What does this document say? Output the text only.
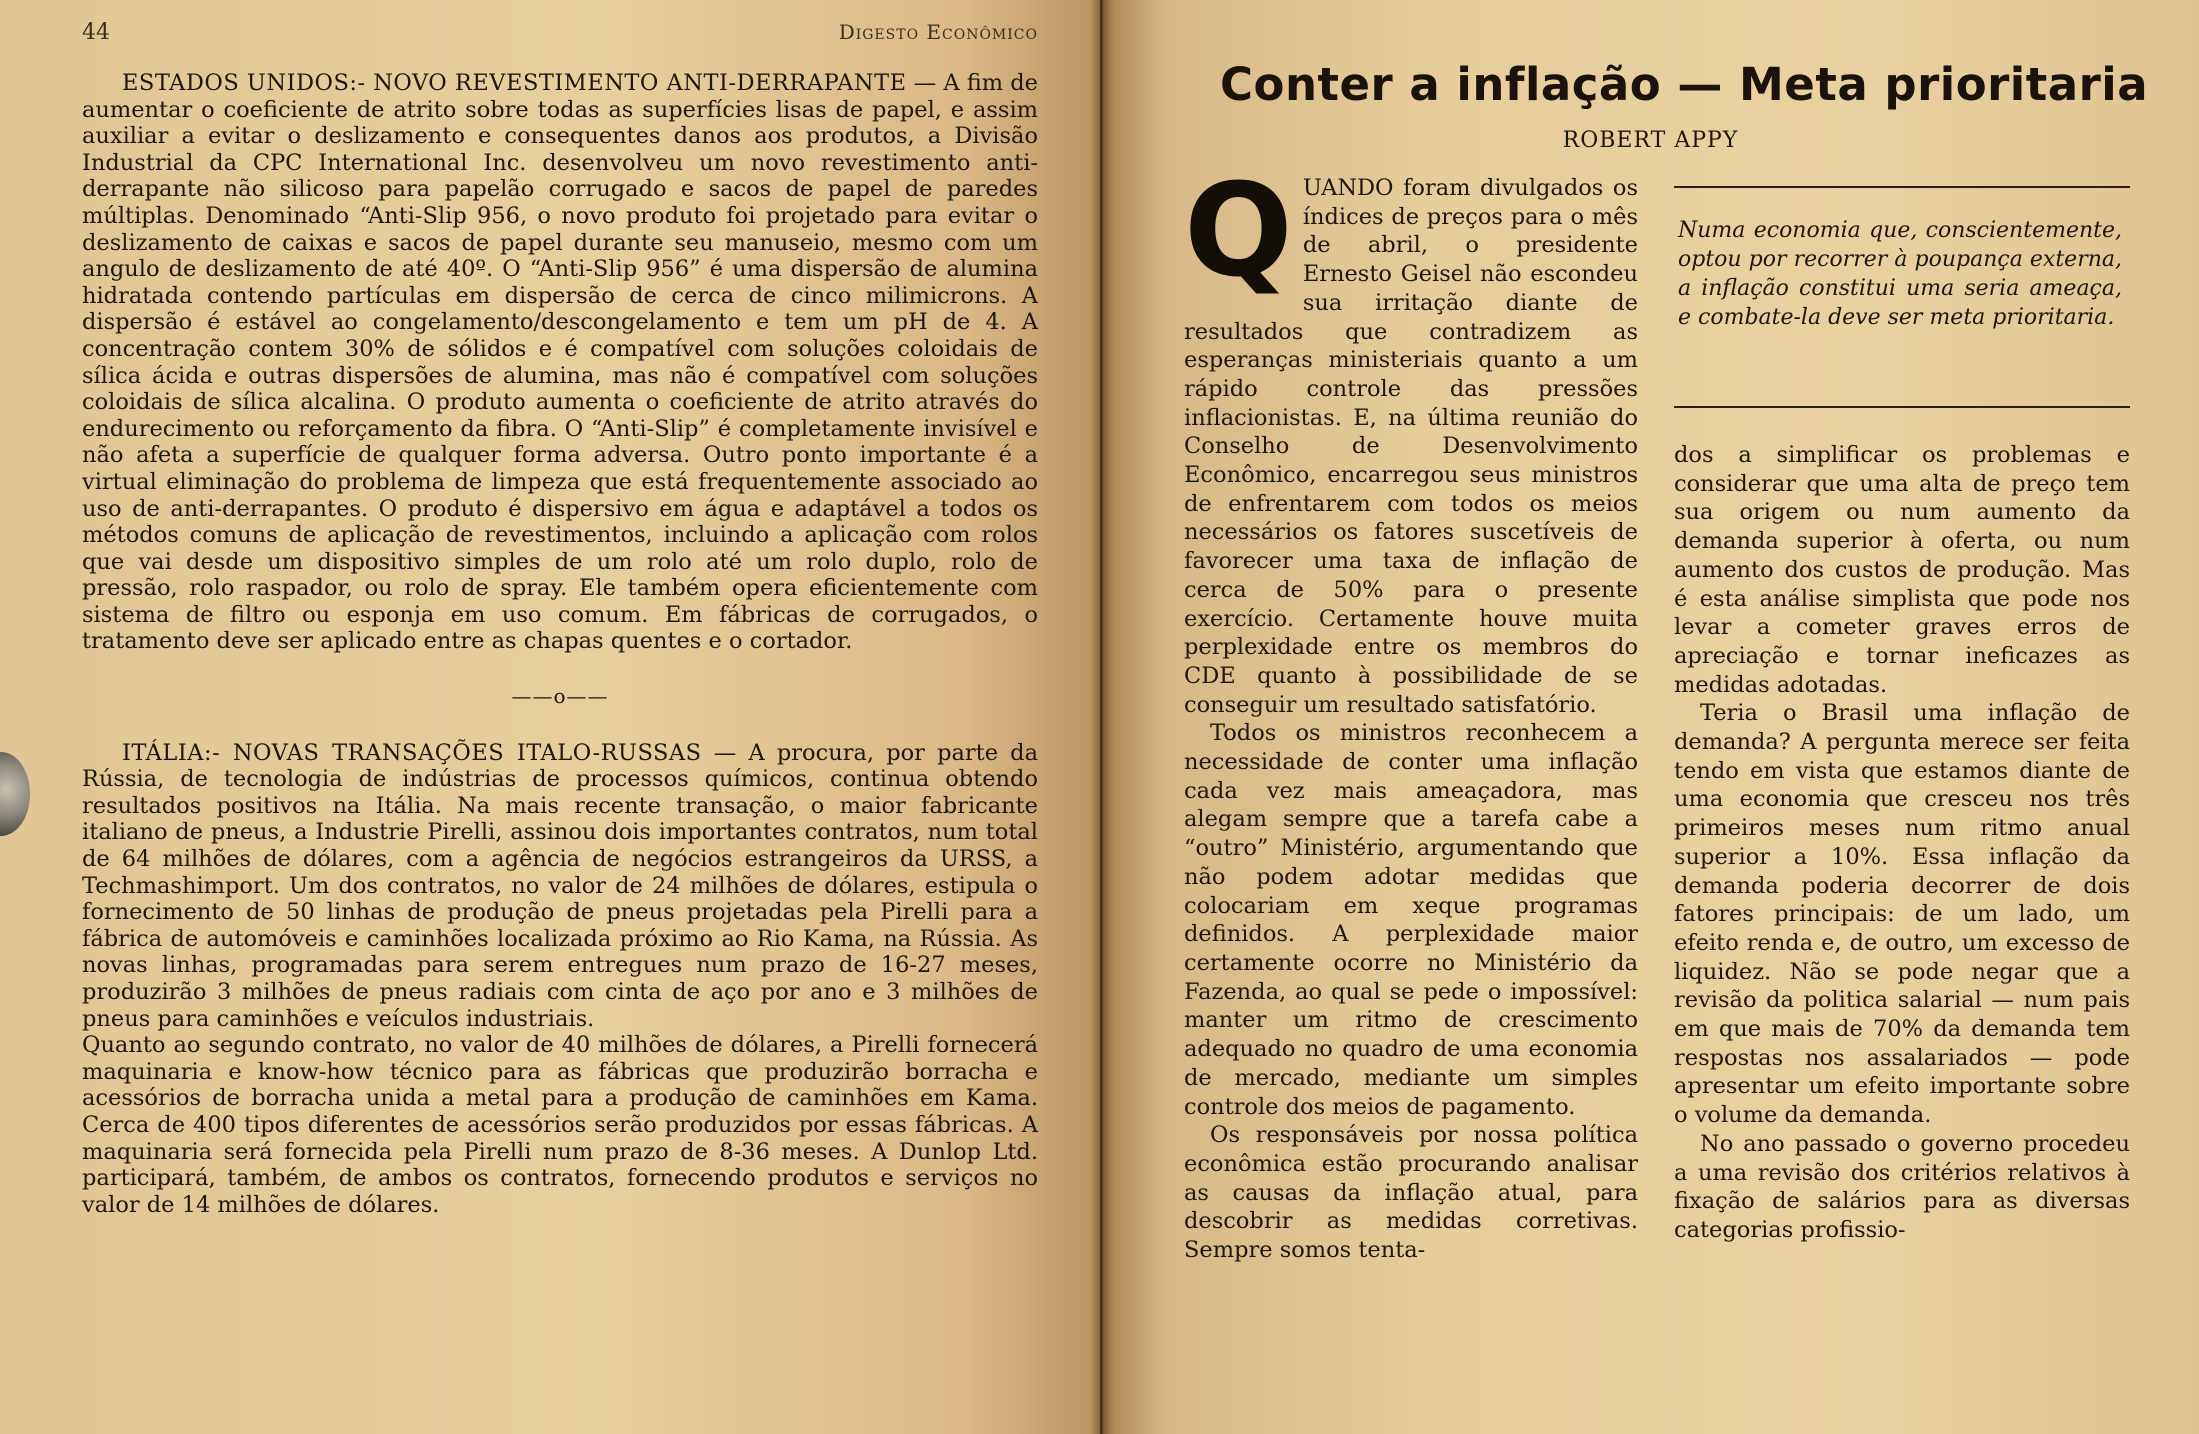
44	Digesto Econômico

ESTADOS UNIDOS:- NOVO REVESTIMENTO ANTI-DERRAPANTE — A fim de aumentar o coeficiente de atrito sobre todas as superfícies lisas de papel, e assim auxiliar a evitar o deslizamento e consequentes danos aos produtos, a Divisão Industrial da CPC International Inc. desenvolveu um novo revestimento anti-derrapante não silicoso para papelão corrugado e sacos de papel de paredes múltiplas. Denominado “Anti-Slip 956, o novo produto foi projetado para evitar o deslizamento de caixas e sacos de papel durante seu manuseio, mesmo com um angulo de deslizamento de até 40º. O “Anti-Slip 956” é uma dispersão de alumina hidratada contendo partículas em dispersão de cerca de cinco milimicrons. A dispersão é estável ao congelamento/descongelamento e tem um pH de 4. A concentração contem 30% de sólidos e é compatível com soluções coloidais de sílica ácida e outras dispersões de alumina, mas não é compatível com soluções coloidais de sílica alcalina. O produto aumenta o coeficiente de atrito através do endurecimento ou reforçamento da fibra. O “Anti-Slip” é completamente invisível e não afeta a superfície de qualquer forma adversa. Outro ponto importante é a virtual eliminação do problema de limpeza que está frequentemente associado ao uso de anti-derrapantes. O produto é dispersivo em água e adaptável a todos os métodos comuns de aplicação de revestimentos, incluindo a aplicação com rolos que vai desde um dispositivo simples de um rolo até um rolo duplo, rolo de pressão, rolo raspador, ou rolo de spray. Ele também opera eficientemente com sistema de filtro ou esponja em uso comum. Em fábricas de corrugados, o tratamento deve ser aplicado entre as chapas quentes e o cortador.

——o——

ITÁLIA:- NOVAS TRANSAÇÕES ITALO-RUSSAS — A procura, por parte da Rússia, de tecnologia de indústrias de processos químicos, continua obtendo resultados positivos na Itália. Na mais recente transação, o maior fabricante italiano de pneus, a Industrie Pirelli, assinou dois importantes contratos, num total de 64 milhões de dólares, com a agência de negócios estrangeiros da URSS, a Techmashimport. Um dos contratos, no valor de 24 milhões de dólares, estipula o fornecimento de 50 linhas de produção de pneus projetadas pela Pirelli para a fábrica de automóveis e caminhões localizada próximo ao Rio Kama, na Rússia. As novas linhas, programadas para serem entregues num prazo de 16-27 meses, produzirão 3 milhões de pneus radiais com cinta de aço por ano e 3 milhões de pneus para caminhões e veículos industriais.

Quanto ao segundo contrato, no valor de 40 milhões de dólares, a Pirelli fornecerá maquinaria e know-how técnico para as fábricas que produzirão borracha e acessórios de borracha unida a metal para a produção de caminhões em Kama. Cerca de 400 tipos diferentes de acessórios serão produzidos por essas fábricas. A maquinaria será fornecida pela Pirelli num prazo de 8-36 meses. A Dunlop Ltd. participará, também, de ambos os contratos, fornecendo produtos e serviços no valor de 14 milhões de dólares.

Conter a inflação — Meta prioritaria
ROBERT APPY

QUANDO foram divulgados os índices de preços para o mês de abril, o presidente Ernesto Geisel não escondeu sua irritação diante de resultados que contradizem as esperanças ministeriais quanto a um rápido controle das pressões inflacionistas. E, na última reunião do Conselho de Desenvolvimento Econômico, encarregou seus ministros de enfrentarem com todos os meios necessários os fatores suscetíveis de favorecer uma taxa de inflação de cerca de 50% para o presente exercício. Certamente houve muita perplexidade entre os membros do CDE quanto à possibilidade de se conseguir um resultado satisfatório.

Todos os ministros reconhecem a necessidade de conter uma inflação cada vez mais ameaçadora, mas alegam sempre que a tarefa cabe a “outro” Ministério, argumentando que não podem adotar medidas que colocariam em xeque programas definidos. A perplexidade maior certamente ocorre no Ministério da Fazenda, ao qual se pede o impossível: manter um ritmo de crescimento adequado no quadro de uma economia de mercado, mediante um simples controle dos meios de pagamento.

Os responsáveis por nossa política econômica estão procurando analisar as causas da inflação atual, para descobrir as medidas corretivas. Sempre somos tenta-

Numa economia que, conscientemente, optou por recorrer à poupança externa, a inflação constitui uma seria ameaça, e combate-la deve ser meta prioritaria.

dos a simplificar os problemas e considerar que uma alta de preço tem sua origem ou num aumento da demanda superior à oferta, ou num aumento dos custos de produção. Mas é esta análise simplista que pode nos levar a cometer graves erros de apreciação e tornar ineficazes as medidas adotadas.

Teria o Brasil uma inflação de demanda? A pergunta merece ser feita tendo em vista que estamos diante de uma economia que cresceu nos três primeiros meses num ritmo anual superior a 10%. Essa inflação da demanda poderia decorrer de dois fatores principais: de um lado, um efeito renda e, de outro, um excesso de liquidez. Não se pode negar que a revisão da politica salarial — num pais em que mais de 70% da demanda tem respostas nos assalariados — pode apresentar um efeito importante sobre o volume da demanda.

No ano passado o governo procedeu a uma revisão dos critérios relativos à fixação de salários para as diversas categorias profissio-
